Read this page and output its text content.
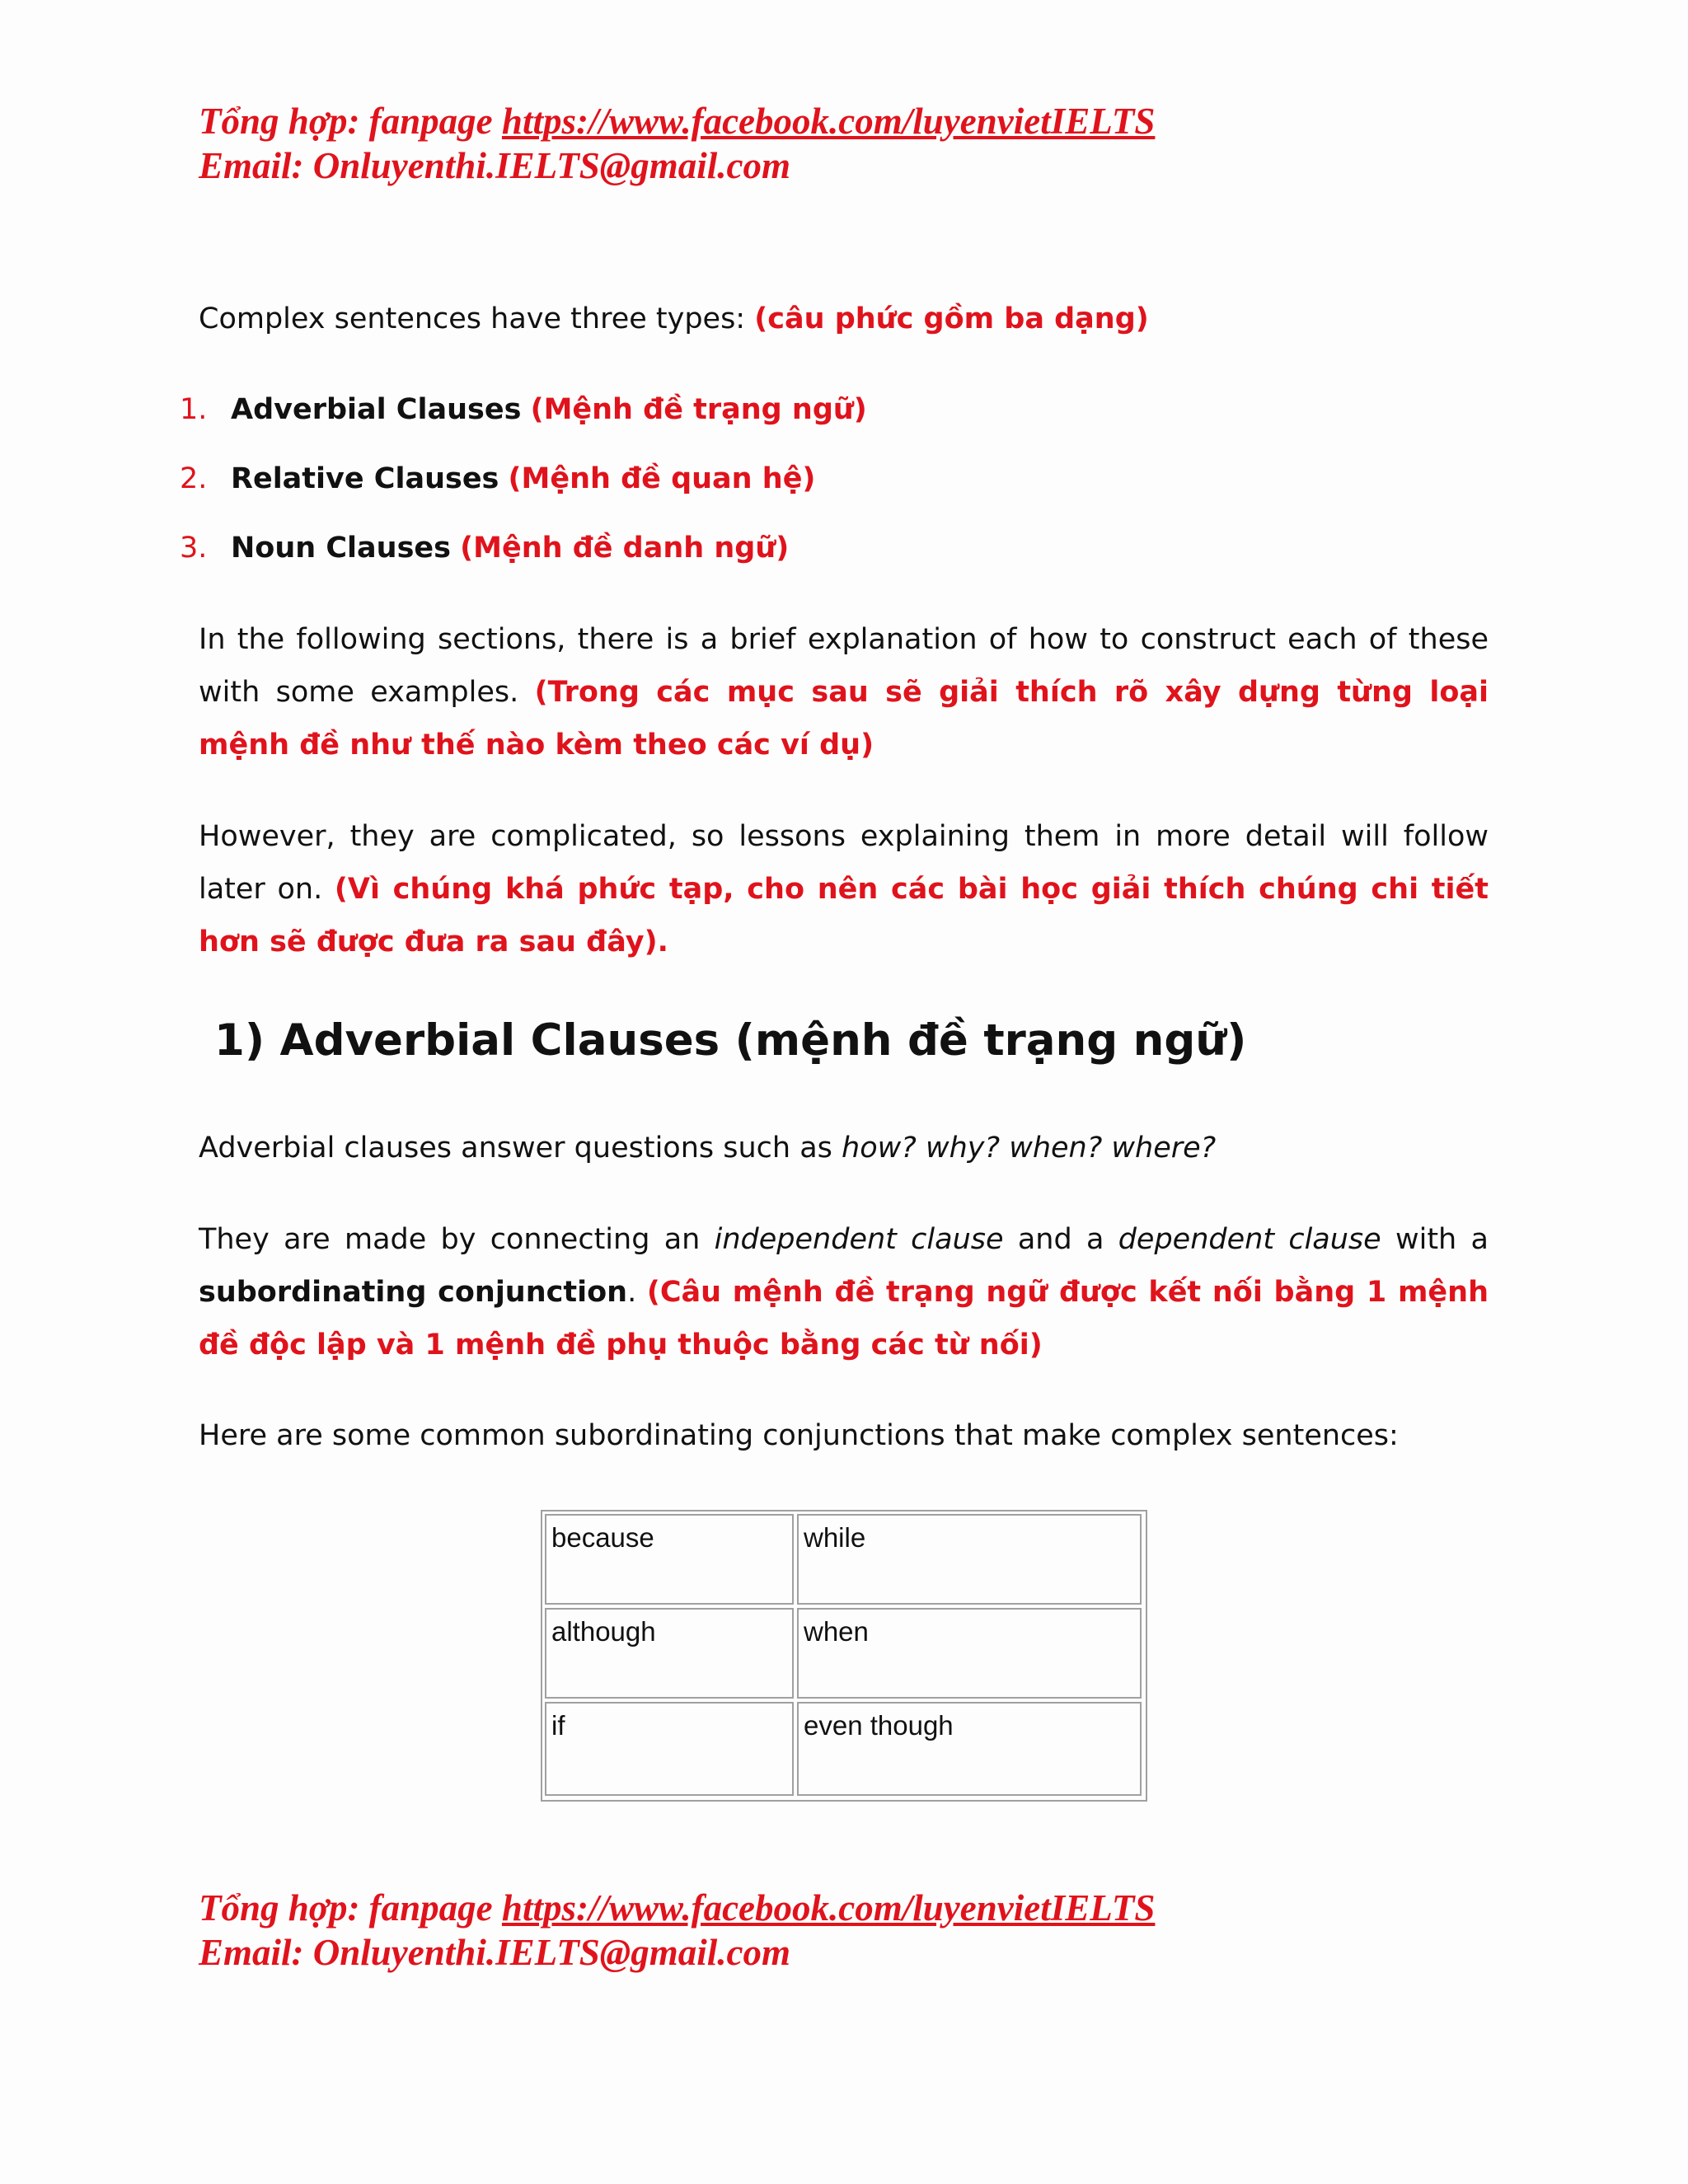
Tổng hợp: fanpage https://www.facebook.com/luyenvietIELTS
Email: Onluyenthi.IELTS@gmail.com
Complex sentences have three types: (câu phức gồm ba dạng)
1. Adverbial Clauses (Mệnh đề trạng ngữ)
2. Relative Clauses (Mệnh đề quan hệ)
3. Noun Clauses (Mệnh đề danh ngữ)
In the following sections, there is a brief explanation of how to construct each of these with some examples. (Trong các mục sau sẽ giải thích rõ xây dựng từng loại mệnh đề như thế nào kèm theo các ví dụ)
However, they are complicated, so lessons explaining them in more detail will follow later on. (Vì chúng khá phức tạp, cho nên các bài học giải thích chúng chi tiết hơn sẽ được đưa ra sau đây).
1) Adverbial Clauses (mệnh đề trạng ngữ)
Adverbial clauses answer questions such as how? why? when? where?
They are made by connecting an independent clause and a dependent clause with a subordinating conjunction. (Câu mệnh đề trạng ngữ được kết nối bằng 1 mệnh đề độc lập và 1 mệnh đề phụ thuộc bằng các từ nối)
Here are some common subordinating conjunctions that make complex sentences:
because	while
although	when
if	even though
Tổng hợp: fanpage https://www.facebook.com/luyenvietIELTS
Email: Onluyenthi.IELTS@gmail.com
